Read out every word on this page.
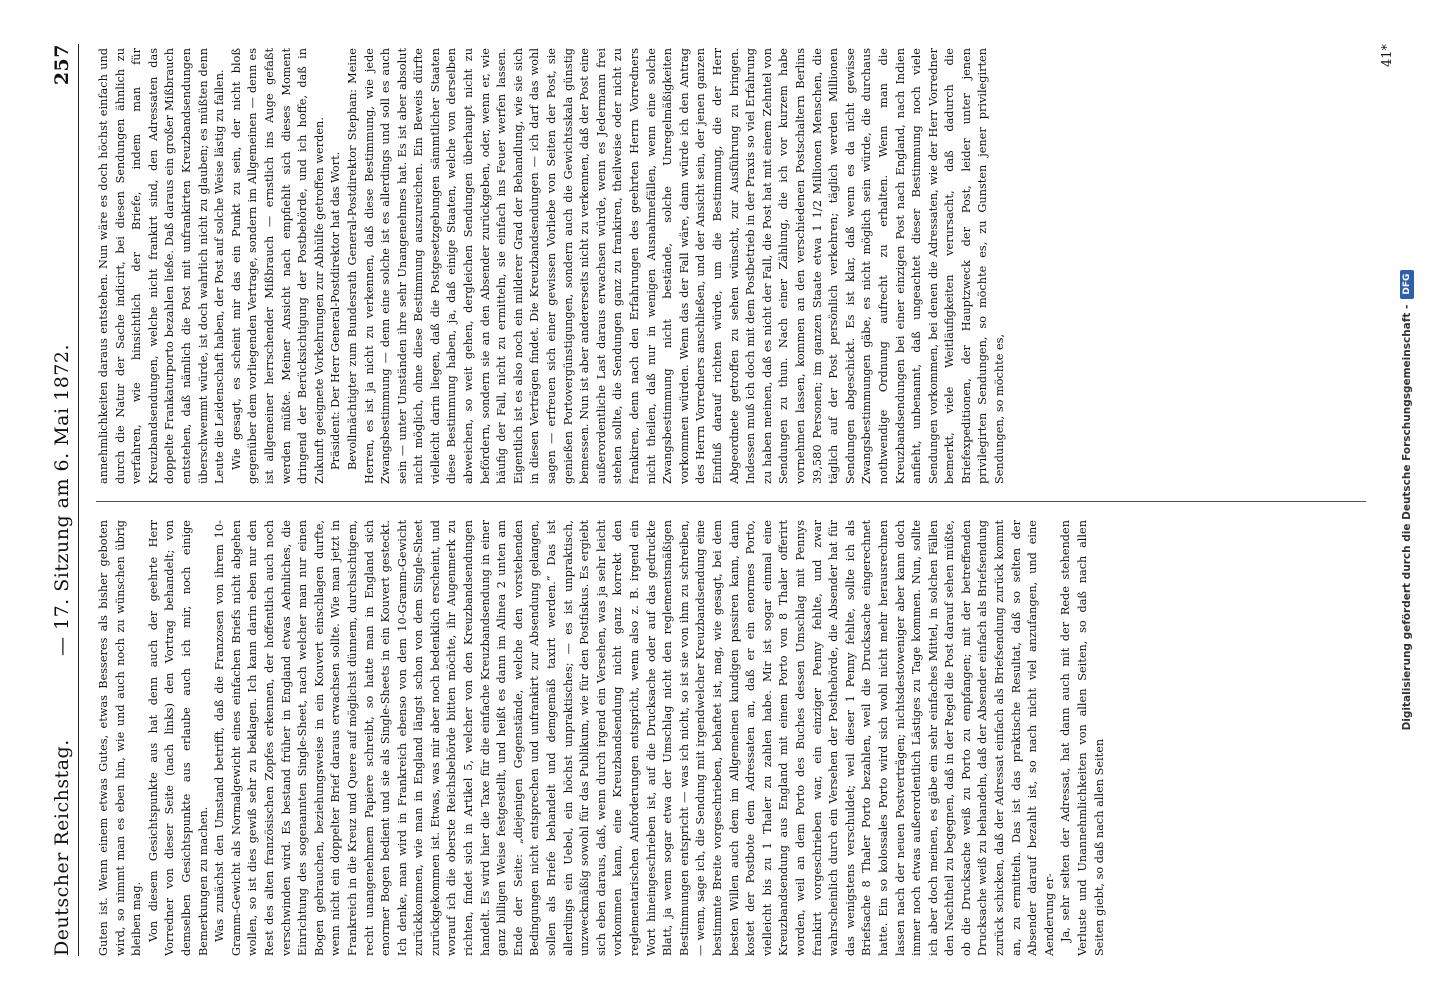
Deutscher Reichstag.
— 17. Sitzung am 6. Mai 1872.
257

Guten ist. Wenn einem etwas Gutes, etwas Besseres als bisher geboten wird, so nimmt man es eben hin, wie und auch noch zu wünschen übrig bleiben mag. Von diesem Gesichtspunkte aus hat denn auch der geehrte Herr Vorredner von dieser Seite (nach links) den Vortrag behandelt; von demselben Gesichtspunkte aus erlaube auch ich mir, noch einige Bemerkungen zu machen. Was zunächst den Umstand betrifft, daß die Franzosen von ihrem 10-Gramm-Gewicht als Normalgewicht eines einfachen Briefs nicht abgehen wollen, so ist dies gewiß sehr zu beklagen. Ich kann darin eben nur den Rest des alten französischen Zopfes erkennen, der hoffentlich auch noch verschwinden wird. Es bestand früher in England etwas Aehnliches, die Einrichtung des sogenannten Single-Sheet, nach welcher man nur einen Bogen gebrauchen, beziehungsweise in ein Kouvert einschlagen durfte, wenn nicht ein doppelter Brief daraus erwachsen sollte. Wie man jetzt in Frankreich in die Kreuz und Quere auf möglichst dünnem, durchsichtigem, recht unangenehmem Papiere schreibt, so hatte man in England sich enormer Bogen bedient und sie als Single-Sheets in ein Kouvert gesteckt. Ich denke, man wird in Frankreich ebenso von dem 10-Gramm-Gewicht zurückkommen, wie man in England längst schon von dem Single-Sheet zurückgekommen ist. Etwas, was mir aber noch bedenklich erscheint, und worauf ich die oberste Reichsbehörde bitten möchte, ihr Augenmerk zu richten, findet sich in Artikel 5, welcher von den Kreuzbandsendungen handelt. Es wird hier die Taxe für die einfache Kreuzbandsendung in einer ganz billigen Weise festgestellt, und heißt es dann im Alinea 2 unten am Ende der Seite: „diejenigen Gegenstände, welche den vorstehenden Bedingungen nicht entsprechen und unfrankirt zur Absendung gelangen, sollen als Briefe behandelt und demgemäß taxirt werden.“ Das ist allerdings ein Uebel, ein höchst unpraktisches; — es ist unpraktisch, unzweckmäßig sowohl für das Publikum, wie für den Postfiskus. Es ergiebt sich eben daraus, daß, wenn durch irgend ein Versehen, was ja sehr leicht vorkommen kann, eine Kreuzbandsendung nicht ganz korrekt den reglementarischen Anforderungen entspricht, wenn also z. B. irgend ein Wort hineingeschrieben ist, auf die Drucksache oder auf das gedruckte Blatt, ja wenn sogar etwa der Umschlag nicht den reglementsmäßigen Bestimmungen entspricht — was ich nicht, so ist sie von ihm zu schreiben, — wenn, sage ich, die Sendung mit irgendwelcher Kreuzbandsendung eine bestimmte Breite vorgeschrieben, behaftet ist, mag, wie gesagt, bei dem besten Willen auch dem im Allgemeinen kundigen passiren kann, dann kostet der Postbote dem Adressaten an, daß er ein enormes Porto, vielleicht bis zu 1 Thaler zu zahlen habe. Mir ist sogar einmal eine Kreuzbandsendung aus England mit einem Porto von 8 Thaler offerirt worden, weil an dem Porto des Buches dessen Umschlag mit Pennys frankirt vorgeschrieben war, ein einziger Penny fehlte, und zwar wahrscheinlich durch ein Versehen der Posthehörde, die Absender hat für das wenigstens verschuldet; weil dieser 1 Penny fehlte, sollte ich als Briefsache 8 Thaler Porto bezahlen, weil die Drucksache eingerechnet hatte. Ein so kolossales Porto wird sich wohl nicht mehr herausrechnen lassen nach der neuen Postverträgen; nichtsdestoweniger aber kann doch immer noch etwas außerordentlich Lästiges zu Tage kommen. Nun, sollte ich aber doch meinen, es gäbe ein sehr einfaches Mittel, in solchen Fällen den Nachtheil zu begegnen, daß in der Regel die Post darauf sehen müßte, ob die Drucksache weiß zu Porto zu empfangen; mit der betreffenden Drucksache weiß zu behandeln, daß der Absender einfach als Briefsendung zurück schicken, daß der Adressat einfach als Briefsendung zurück kommt an, zu ermitteln. Das ist das praktische Resultat, daß so selten der Absender darauf bezahlt ist, so nach nicht viel anzufangen, und eine Aenderung er- Ja, sehr selten der Adressat, hat dann auch mit der Rede stehenden Verluste und Unannehmlichkeiten von allen Seiten, so daß nach allen Seiten giebt, so daß nach allen Seiten

annehmlichkeiten daraus entstehen. Nun wäre es doch höchst einfach und durch die Natur der Sache indicirt, bei diesen Sendungen ähnlich zu verfahren, wie hinsichtlich der Briefe, indem man für Kreuzbandsendungen, welche nicht frankirt sind, den Adressaten das doppelte Frankaturporto bezahlen ließe. Daß daraus ein großer Mißbrauch entstehen, daß nämlich die Post mit unfrankirten Kreuzbandsendungen überschwemmt würde, ist doch wahrlich nicht zu glauben; es müßten denn Leute die Leidenschaft haben, der Post auf solche Weise lästig zu fallen. Wie gesagt, es scheint mir das ein Punkt zu sein, der nicht bloß gegenüber dem vorliegenden Vertrage, sondern im Allgemeinen — denn es ist allgemeiner herrschender Mißbrauch — ernstlich ins Auge gefaßt werden müßte. Meiner Ansicht nach empfiehlt sich dieses Moment dringend der Berücksichtigung der Postbehörde, und ich hoffe, daß in Zukunft geeignete Vorkehrungen zur Abhülfe getroffen werden. Präsident: Der Herr General-Postdirektor hat das Wort. Bevollmächtigter zum Bundesrath General-Postdirektor Stephan: Meine Herren, es ist ja nicht zu verkennen, daß diese Bestimmung, wie jede Zwangsbestimmung — denn eine solche ist es allerdings und soll es auch sein — unter Umständen ihre sehr Unangenehmes hat. Es ist aber absolut nicht möglich, ohne diese Bestimmung auszureichen. Ein Beweis dürfte vielleicht darin liegen, daß die Postgesetzgebungen sämmtlicher Staaten diese Bestimmung haben, ja, daß einige Staaten, welche von derselben abweichen, so weit gehen, dergleichen Sendungen überhaupt nicht zu befördern, sondern sie an den Absender zurückgeben, oder, wenn er, wie häufig der Fall, nicht zu ermitteln, sie einfach ins Feuer werfen lassen. Eigentlich ist es also noch ein milderer Grad der Behandlung, wie sie sich in diesen Verträgen findet. Die Kreuzbandsendungen — ich darf das wohl sagen — erfreuen sich einer gewissen Vorliebe von Seiten der Post, sie genießen Portovergünstigungen, sondern auch die Gewichtsskala günstig bemessen. Nun ist aber andererseits nicht zu verkennen, daß der Post eine außerordentliche Last daraus erwachsen würde, wenn es Jedermann frei stehen sollte, die Sendungen ganz zu frankiren, theilweise oder nicht zu frankiren, denn nach den Erfahrungen des geehrten Herrn Vorredners nicht theilen, daß nur in wenigen Ausnahmefällen, wenn eine solche Zwangsbestimmung nicht bestände, solche Unregelmäßigkeiten vorkommen würden. Wenn das der Fall wäre, dann würde ich den Antrag des Herrn Vorredners anschließen, und der Ansicht sein, der jenen ganzen Einfluß darauf richten würde, um die Bestimmung, die der Herr Abgeordnete getroffen zu sehen wünscht, zur Ausführung zu bringen. Indessen muß ich doch mit dem Postbetrieb in der Praxis so viel Erfahrung zu haben meinen, daß es nicht der Fall, die Post hat mit einem Zehntel von Sendungen zu thun. Nach einer Zählung, die ich vor kurzem habe vornehmen lassen, kommen an den verschiedenen Postschaltern Berlins 39,580 Personen; im ganzen Staate etwa 1 1/2 Millionen Menschen, die täglich auf der Post persönlich verkehren; täglich werden Millionen Sendungen abgeschickt. Es ist klar, daß wenn es da nicht gewisse Zwangsbestimmungen gäbe, es nicht möglich sein würde, die durchaus nothwendige Ordnung aufrecht zu erhalten. Wenn man die Kreuzbandsendungen bei einer einzigen Post nach England, nach Indien anfieht, unbenannt, daß ungeachtet dieser Bestimmung noch viele Sendungen vorkommen, bei denen die Adressaten, wie der Herr Vorredner bemerkt, viele Weitläufigkeiten verursacht, daß dadurch die Briefexpeditionen, der Hauptzweck der Post, leider unter jenen privilegirten Sendungen, so möchte es, zu Gunsten jener privilegirten Sendungen, so möchte es,

41*
Digitalisierung gefördert durch die Deutsche Forschungsgemeinschaft -DFG
